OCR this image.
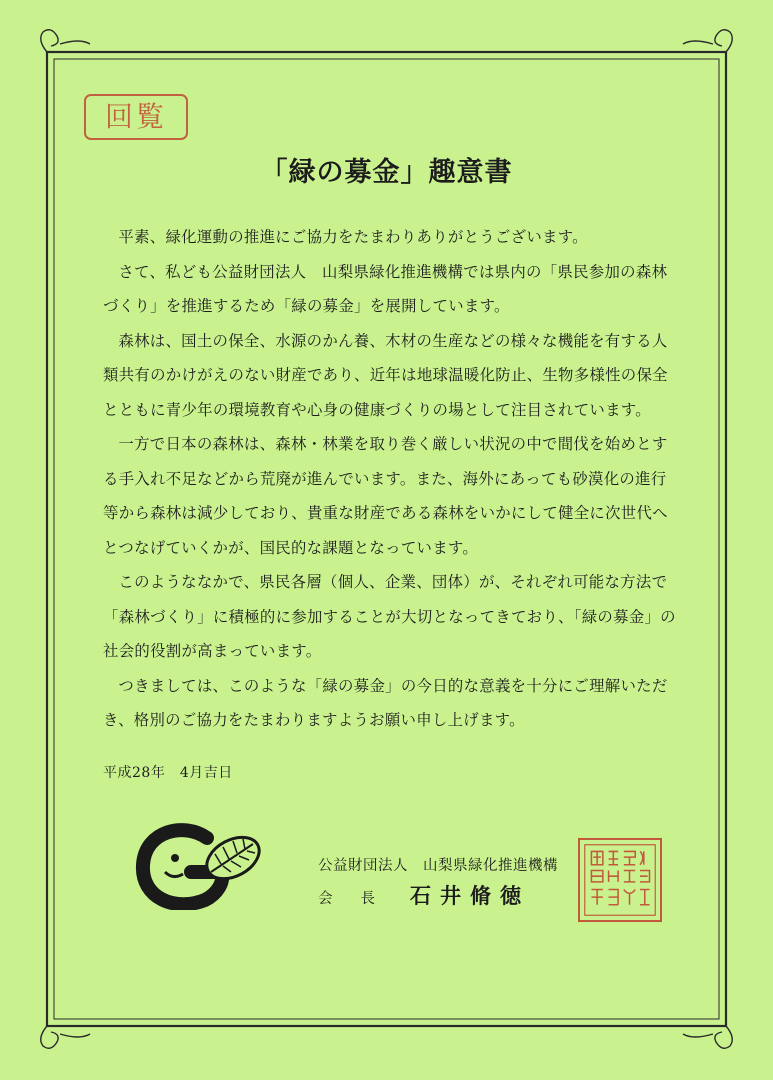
回覧
「緑の募金」趣意書

平素、緑化運動の推進にご協力をたまわりありがとうございます。

さて、私ども公益財団法人　山梨県緑化推進機構では県内の「県民参加の森林づくり」を推進するため「緑の募金」を展開しています。

森林は、国土の保全、水源のかん養、木材の生産などの様々な機能を有する人類共有のかけがえのない財産であり、近年は地球温暖化防止、生物多様性の保全とともに青少年の環境教育や心身の健康づくりの場として注目されています。

一方で日本の森林は、森林・林業を取り巻く厳しい状況の中で間伐を始めとする手入れ不足などから荒廃が進んでいます。また、海外にあっても砂漠化の進行等から森林は減少しており、貴重な財産である森林をいかにして健全に次世代へとつなげていくかが、国民的な課題となっています。

このようななかで、県民各層（個人、企業、団体）が、それぞれ可能な方法で「森林づくり」に積極的に参加することが大切となってきており、「緑の募金」の社会的役割が高まっています。

つきましては、このような「緑の募金」の今日的な意義を十分にご理解いただき、格別のご協力をたまわりますようお願い申し上げます。

平成28年　4月吉日
公益財団法人　山梨県緑化推進機構
会長 石井脩徳
